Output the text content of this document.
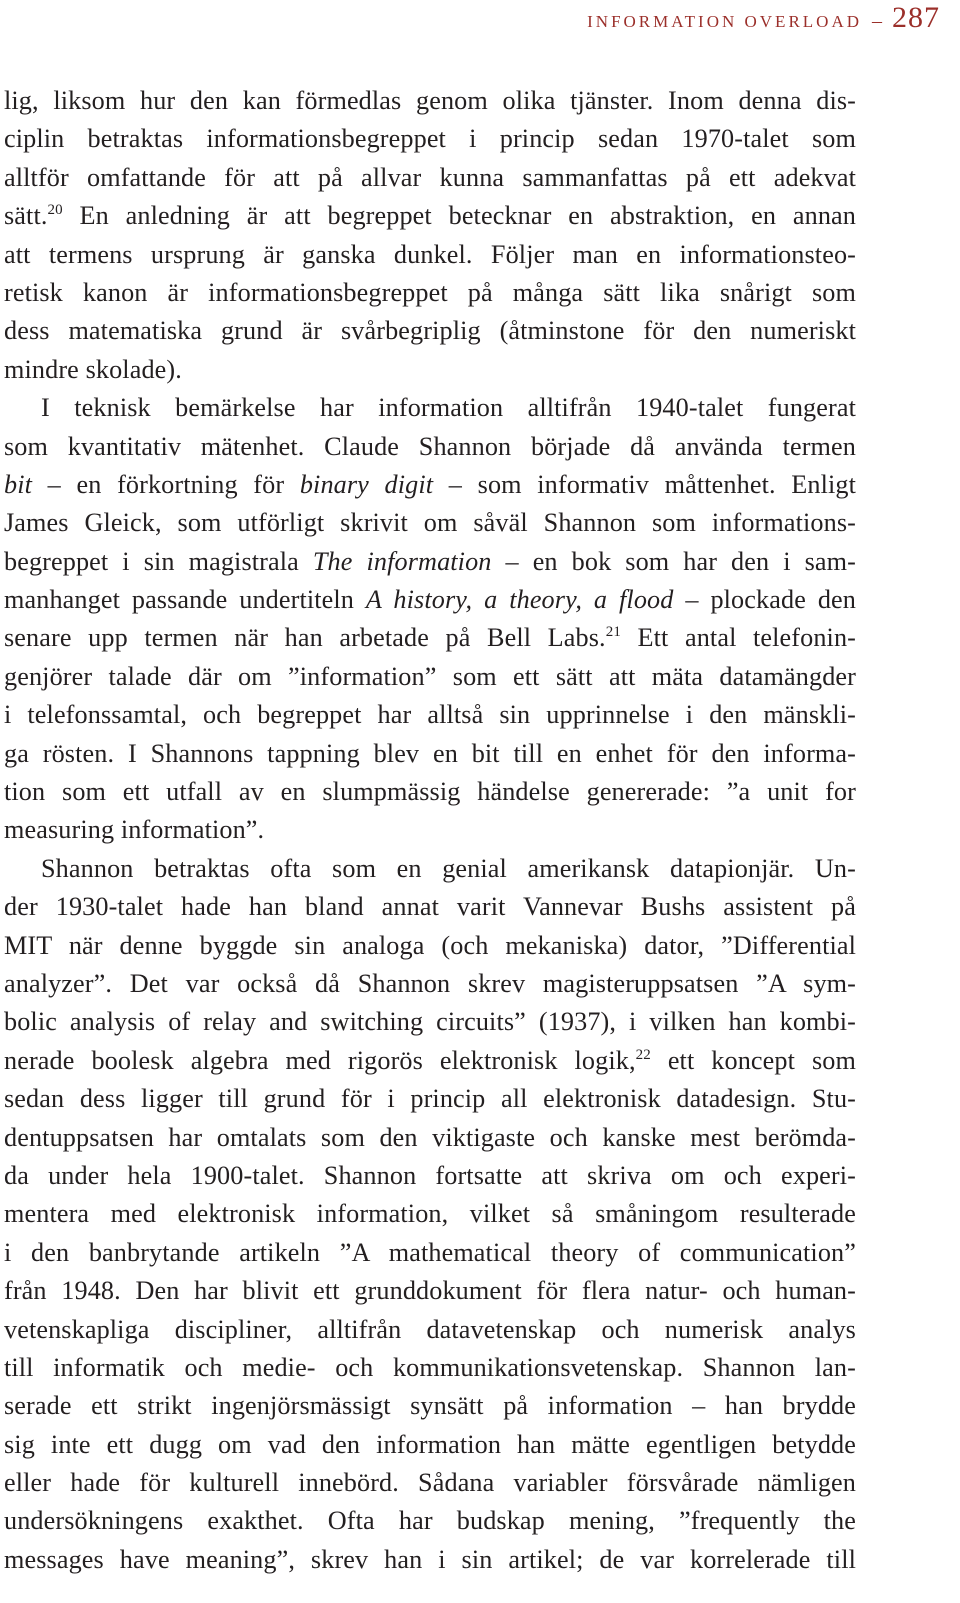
INFORMATION OVERLOAD – 287
lig, liksom hur den kan förmedlas genom olika tjänster. Inom denna dis-
ciplin betraktas informationsbegreppet i princip sedan 1970-talet som
alltför omfattande för att på allvar kunna sammanfattas på ett adekvat
sätt.$^{20}$ En anledning är att begreppet betecknar en abstraktion, en annan
att termens ursprung är ganska dunkel. Följer man en informationsteo-
retisk kanon är informationsbegreppet på många sätt lika snårigt som
dess matematiska grund är svårbegriplig (åtminstone för den numeriskt
mindre skolade).
I teknisk bemärkelse har information alltifrån 1940-talet fungerat
som kvantitativ mätenhet. Claude Shannon började då använda termen
bit – en förkortning för binary digit – som informativ måttenhet. Enligt
James Gleick, som utförligt skrivit om såväl Shannon som informations-
begreppet i sin magistrala The information – en bok som har den i sam-
manhanget passande undertiteln A history, a theory, a flood – plockade den
senare upp termen när han arbetade på Bell Labs.$^{21}$ Ett antal telefonin-
genjörer talade där om ”information” som ett sätt att mäta datamängder
i telefonssamtal, och begreppet har alltså sin upprinnelse i den mänskli-
ga rösten. I Shannons tappning blev en bit till en enhet för den informa-
tion som ett utfall av en slumpmässig händelse genererade: ”a unit for
measuring information”.
Shannon betraktas ofta som en genial amerikansk datapionjär. Un-
der 1930-talet hade han bland annat varit Vannevar Bushs assistent på
MIT när denne byggde sin analoga (och mekaniska) dator, ”Differential
analyzer”. Det var också då Shannon skrev magisteruppsatsen ”A sym-
bolic analysis of relay and switching circuits” (1937), i vilken han kombi-
nerade boolesk algebra med rigorös elektronisk logik,$^{22}$ ett koncept som
sedan dess ligger till grund för i princip all elektronisk datadesign. Stu-
dentuppsatsen har omtalats som den viktigaste och kanske mest berömda-
da under hela 1900-talet. Shannon fortsatte att skriva om och experi-
mentera med elektronisk information, vilket så småningom resulterade
i den banbrytande artikeln ”A mathematical theory of communication”
från 1948. Den har blivit ett grunddokument för flera natur- och human-
vetenskapliga discipliner, alltifrån datavetenskap och numerisk analys
till informatik och medie- och kommunikationsvetenskap. Shannon lan-
serade ett strikt ingenjörsmässigt synsätt på information – han brydde
sig inte ett dugg om vad den information han mätte egentligen betydde
eller hade för kulturell innebörd. Sådana variabler försvårade nämligen
undersökningens exakthet. Ofta har budskap mening, ”frequently the
messages have meaning”, skrev han i sin artikel; de var korrelerade till
